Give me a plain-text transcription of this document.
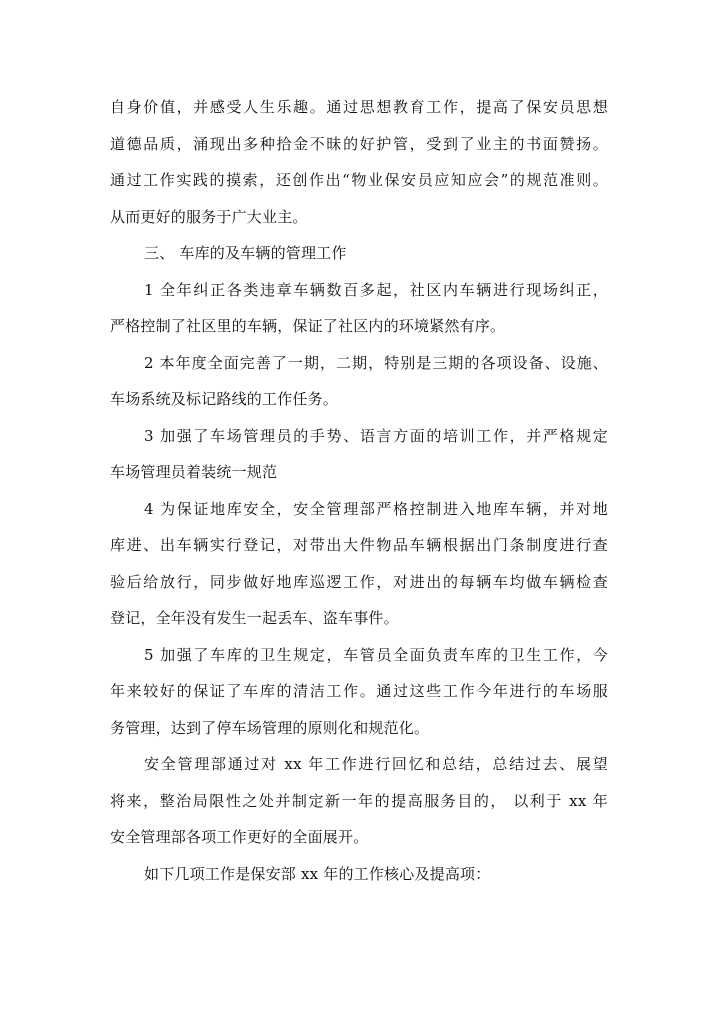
自身价值，并感受人生乐趣。通过思想教育工作，提高了保安员思想
道德品质，涌现出多种拾金不昧的好护管，受到了业主的书面赞扬。
通过工作实践的摸索，还创作出“物业保安员应知应会”的规范准则。
从而更好的服务于广大业主。
三、 车库的及车辆的管理工作
1 全年纠正各类违章车辆数百多起，社区内车辆进行现场纠正，
严格控制了社区里的车辆，保证了社区内的环境紧然有序。
2 本年度全面完善了一期，二期，特别是三期的各项设备、设施、
车场系统及标记路线的工作任务。
3 加强了车场管理员的手势、语言方面的培训工作，并严格规定
车场管理员着装统一规范
4 为保证地库安全，安全管理部严格控制进入地库车辆，并对地
库进、出车辆实行登记，对带出大件物品车辆根据出门条制度进行查
验后给放行，同步做好地库巡逻工作，对进出的每辆车均做车辆检查
登记，全年没有发生一起丢车、盗车事件。
5 加强了车库的卫生规定，车管员全面负责车库的卫生工作，今
年来较好的保证了车库的清洁工作。通过这些工作今年进行的车场服
务管理，达到了停车场管理的原则化和规范化。
安全管理部通过对 xx 年工作进行回忆和总结，总结过去、展望
将来，整治局限性之处并制定新一年的提高服务目的， 以利于 xx 年
安全管理部各项工作更好的全面展开。
如下几项工作是保安部 xx 年的工作核心及提高项：
